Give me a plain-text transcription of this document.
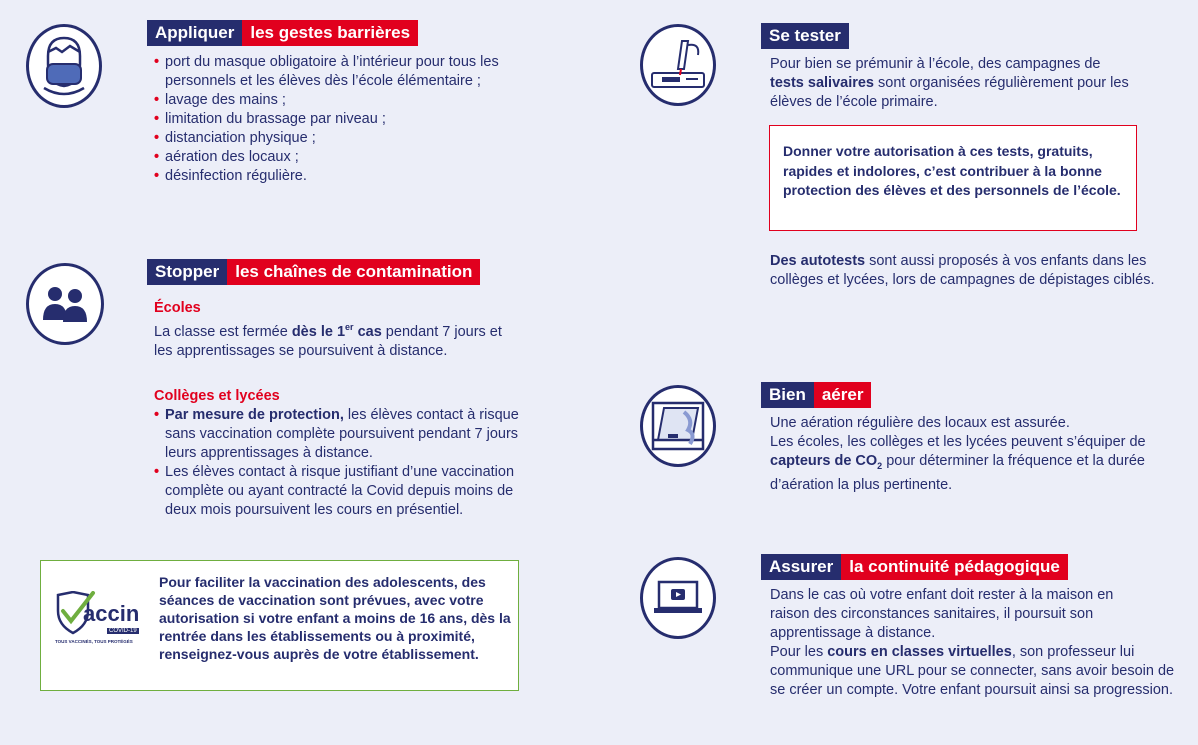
Appliquer les gestes barrières
• port du masque obligatoire à l’intérieur pour tous les personnels et les élèves dès l’école élémentaire ;
• lavage des mains ;
• limitation du brassage par niveau ;
• distanciation physique ;
• aération des locaux ;
• désinfection régulière.
Stopper les chaînes de contamination
Écoles
La classe est fermée dès le 1er cas pendant 7 jours et les apprentissages se poursuivent à distance.
Collèges et lycées
• Par mesure de protection, les élèves contact à risque sans vaccination complète poursuivent pendant 7 jours leurs apprentissages à distance.
• Les élèves contact à risque justifiant d’une vaccination complète ou ayant contracté la Covid depuis moins de deux mois poursuivent les cours en présentiel.
accin
COVID-19
TOUS VACCINÉS, TOUS PROTÉGÉS
Pour faciliter la vaccination des adolescents, des séances de vaccination sont prévues, avec votre autorisation si votre enfant a moins de 16 ans, dès la rentrée dans les établissements ou à proximité, renseignez-vous auprès de votre établissement.
Se tester
Pour bien se prémunir à l’école, des campagnes de tests salivaires sont organisées régulièrement pour les élèves de l’école primaire.
Donner votre autorisation à ces tests, gratuits, rapides et indolores, c’est contribuer à la bonne protection des élèves et des personnels de l’école.
Des autotests sont aussi proposés à vos enfants dans les collèges et lycées, lors de campagnes de dépistages ciblés.
Bien aérer
Une aération régulière des locaux est assurée.
Les écoles, les collèges et les lycées peuvent s’équiper de capteurs de $CO_2$ pour déterminer la fréquence et la durée d’aération la plus pertinente.
Assurer la continuité pédagogique
Dans le cas où votre enfant doit rester à la maison en raison des circonstances sanitaires, il poursuit son apprentissage à distance.
Pour les cours en classes virtuelles, son professeur lui communique une URL pour se connecter, sans avoir besoin de se créer un compte. Votre enfant poursuit ainsi sa progression.
